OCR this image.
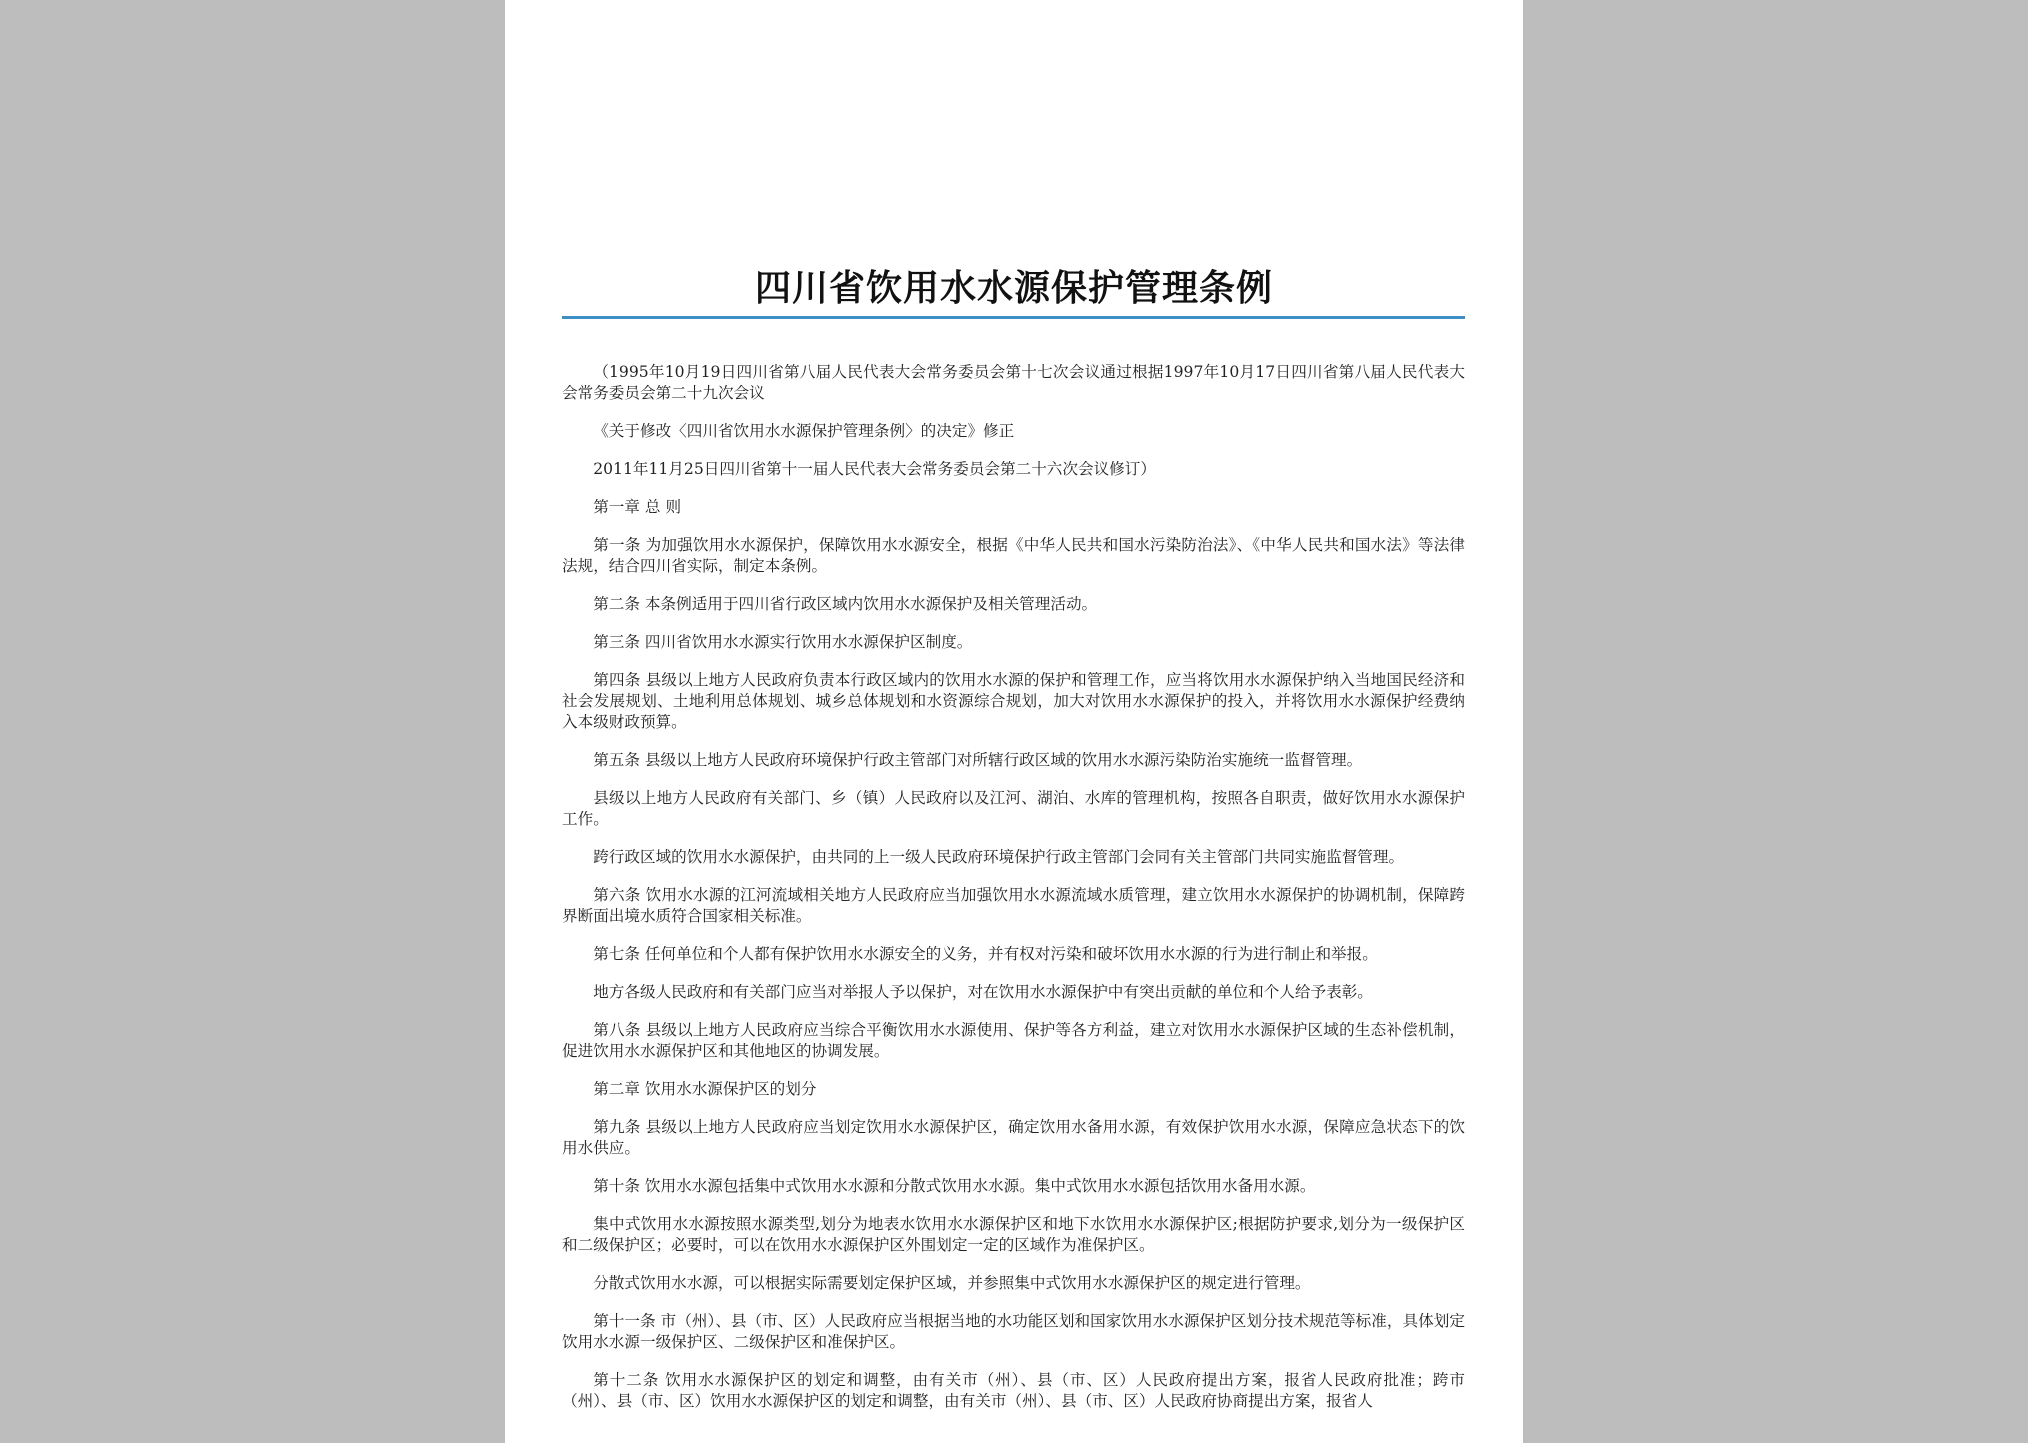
四川省饮用水水源保护管理条例

（1995年10月19日四川省第八届人民代表大会常务委员会第十七次会议通过根据1997年10月17日四川省第八届人民代表大会常务委员会第二十九次会议

《关于修改〈四川省饮用水水源保护管理条例〉的决定》修正

2011年11月25日四川省第十一届人民代表大会常务委员会第二十六次会议修订）

第一章 总 则

第一条 为加强饮用水水源保护，保障饮用水水源安全，根据《中华人民共和国水污染防治法》、《中华人民共和国水法》等法律法规，结合四川省实际，制定本条例。

第二条 本条例适用于四川省行政区域内饮用水水源保护及相关管理活动。

第三条 四川省饮用水水源实行饮用水水源保护区制度。

第四条 县级以上地方人民政府负责本行政区域内的饮用水水源的保护和管理工作，应当将饮用水水源保护纳入当地国民经济和社会发展规划、土地利用总体规划、城乡总体规划和水资源综合规划，加大对饮用水水源保护的投入，并将饮用水水源保护经费纳入本级财政预算。

第五条 县级以上地方人民政府环境保护行政主管部门对所辖行政区域的饮用水水源污染防治实施统一监督管理。

县级以上地方人民政府有关部门、乡（镇）人民政府以及江河、湖泊、水库的管理机构，按照各自职责，做好饮用水水源保护工作。

跨行政区域的饮用水水源保护，由共同的上一级人民政府环境保护行政主管部门会同有关主管部门共同实施监督管理。

第六条 饮用水水源的江河流域相关地方人民政府应当加强饮用水水源流域水质管理，建立饮用水水源保护的协调机制，保障跨界断面出境水质符合国家相关标准。

第七条 任何单位和个人都有保护饮用水水源安全的义务，并有权对污染和破坏饮用水水源的行为进行制止和举报。

地方各级人民政府和有关部门应当对举报人予以保护，对在饮用水水源保护中有突出贡献的单位和个人给予表彰。

第八条 县级以上地方人民政府应当综合平衡饮用水水源使用、保护等各方利益，建立对饮用水水源保护区域的生态补偿机制，促进饮用水水源保护区和其他地区的协调发展。

第二章 饮用水水源保护区的划分

第九条 县级以上地方人民政府应当划定饮用水水源保护区，确定饮用水备用水源，有效保护饮用水水源，保障应急状态下的饮用水供应。

第十条 饮用水水源包括集中式饮用水水源和分散式饮用水水源。集中式饮用水水源包括饮用水备用水源。

集中式饮用水水源按照水源类型,划分为地表水饮用水水源保护区和地下水饮用水水源保护区;根据防护要求,划分为一级保护区和二级保护区；必要时，可以在饮用水水源保护区外围划定一定的区域作为准保护区。

分散式饮用水水源，可以根据实际需要划定保护区域，并参照集中式饮用水水源保护区的规定进行管理。

第十一条 市（州）、县（市、区）人民政府应当根据当地的水功能区划和国家饮用水水源保护区划分技术规范等标准，具体划定饮用水水源一级保护区、二级保护区和准保护区。

第十二条 饮用水水源保护区的划定和调整，由有关市（州）、县（市、区）人民政府提出方案，报省人民政府批准；跨市（州）、县（市、区）饮用水水源保护区的划定和调整，由有关市（州）、县（市、区）人民政府协商提出方案，报省人
